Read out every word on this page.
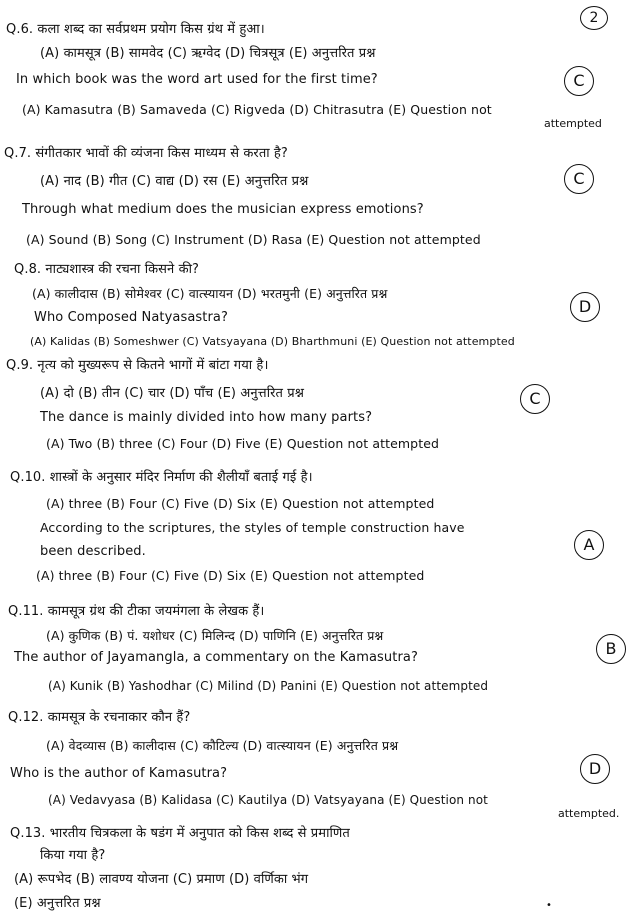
2
Q.6. कला शब्द का सर्वप्रथम प्रयोग किस ग्रंथ में हुआ।
(A) कामसूत्र (B) सामवेद (C) ऋग्वेद (D) चित्रसूत्र (E) अनुत्तरित प्रश्न
In which book was the word art used for the first time?	C
(A) Kamasutra (B) Samaveda (C) Rigveda (D) Chitrasutra (E) Question not
attempted
Q.7. संगीतकार भावों की व्यंजना किस माध्यम से करता है?
(A) नाद (B) गीत (C) वाद्य (D) रस (E) अनुत्तरित प्रश्न	C
Through what medium does the musician express emotions?
(A) Sound (B) Song (C) Instrument (D) Rasa (E) Question not attempted
Q.8. नाट्यशास्त्र की रचना किसने की?
(A) कालीदास (B) सोमेश्वर (C) वात्स्यायन (D) भरतमुनी (E) अनुत्तरित प्रश्न
D
Who Composed Natyasastra?
(A) Kalidas (B) Someshwer (C) Vatsyayana (D) Bharthmuni (E) Question not attempted
Q.9. नृत्य को मुख्यरूप से कितने भागों में बांटा गया है।
(A) दो (B) तीन (C) चार (D) पाँच (E) अनुत्तरित प्रश्न	C
The dance is mainly divided into how many parts?
(A) Two (B) three (C) Four (D) Five (E) Question not attempted
Q.10. शास्त्रों के अनुसार मंदिर निर्माण की शैलीयाँ बताई गई है।
(A) three (B) Four (C) Five (D) Six (E) Question not attempted
According to the scriptures, the styles of temple construction have
been described.	A
(A) three (B) Four (C) Five (D) Six (E) Question not attempted
Q.11. कामसूत्र ग्रंथ की टीका जयमंगला के लेखक हैं।
(A) कुणिक (B) पं. यशोधर (C) मिलिन्द (D) पाणिनि (E) अनुत्तरित प्रश्न
The author of Jayamangla, a commentary on the Kamasutra?	B
(A) Kunik (B) Yashodhar (C) Milind (D) Panini (E) Question not attempted
Q.12. कामसूत्र के रचनाकार कौन हैं?
(A) वेदव्यास (B) कालीदास (C) कौटिल्य (D) वात्स्यायन (E) अनुत्तरित प्रश्न
D
Who is the author of Kamasutra?
(A) Vedavyasa (B) Kalidasa (C) Kautilya (D) Vatsyayana (E) Question not
attempted.
Q.13. भारतीय चित्रकला के षडंग में अनुपात को किस शब्द से प्रमाणित
किया गया है?
(A) रूपभेद (B) लावण्य योजना (C) प्रमाण (D) वर्णिका भंग
(E) अनुत्तरित प्रश्न	•
